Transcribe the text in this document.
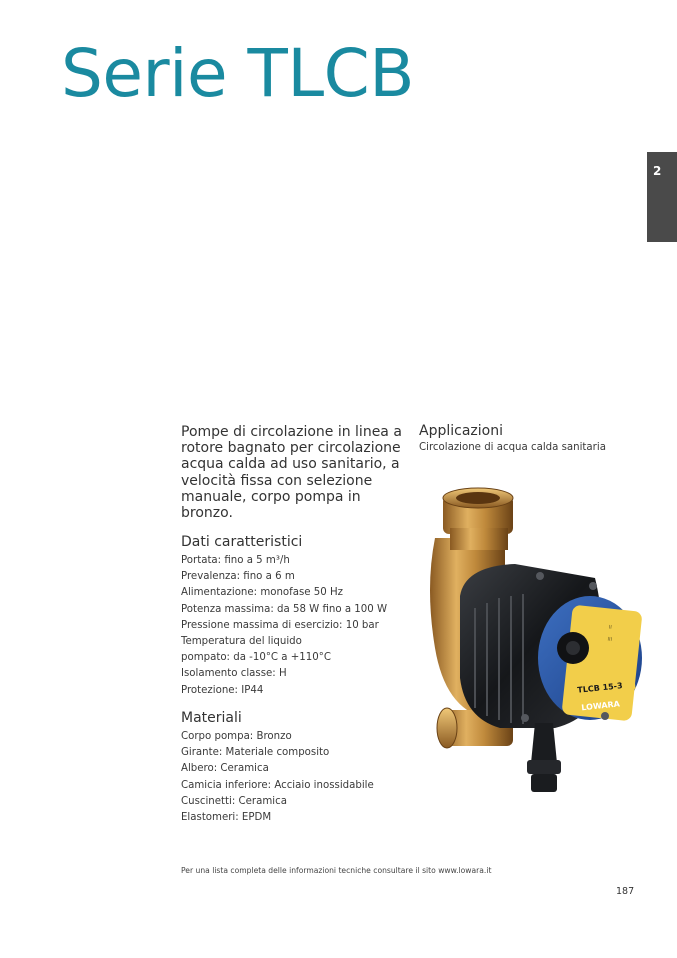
Serie TLCB
2

Pompe di circolazione in linea a rotore bagnato per circolazione acqua calda ad uso sanitario, a velocità fissa con selezione manuale, corpo pompa in bronzo.

Dati caratteristici
Portata: fino a 5 m³/h
Prevalenza: fino a 6 m
Alimentazione: monofase 50 Hz
Potenza massima: da 58 W fino a 100 W
Pressione massima di esercizio: 10 bar
Temperatura del liquido
pompato: da -10°C a +110°C
Isolamento classe: H
Protezione: IP44
Materiali
Corpo pompa: Bronzo
Girante: Materiale composito
Albero: Ceramica
Camicia inferiore: Acciaio inossidabile
Cuscinetti: Ceramica
Elastomeri: EPDM
Applicazioni

Circolazione di acqua calda sanitaria

II
III
TLCB 15-3
LOWARA

Per una lista completa delle informazioni tecniche consultare il sito www.lowara.it

187
